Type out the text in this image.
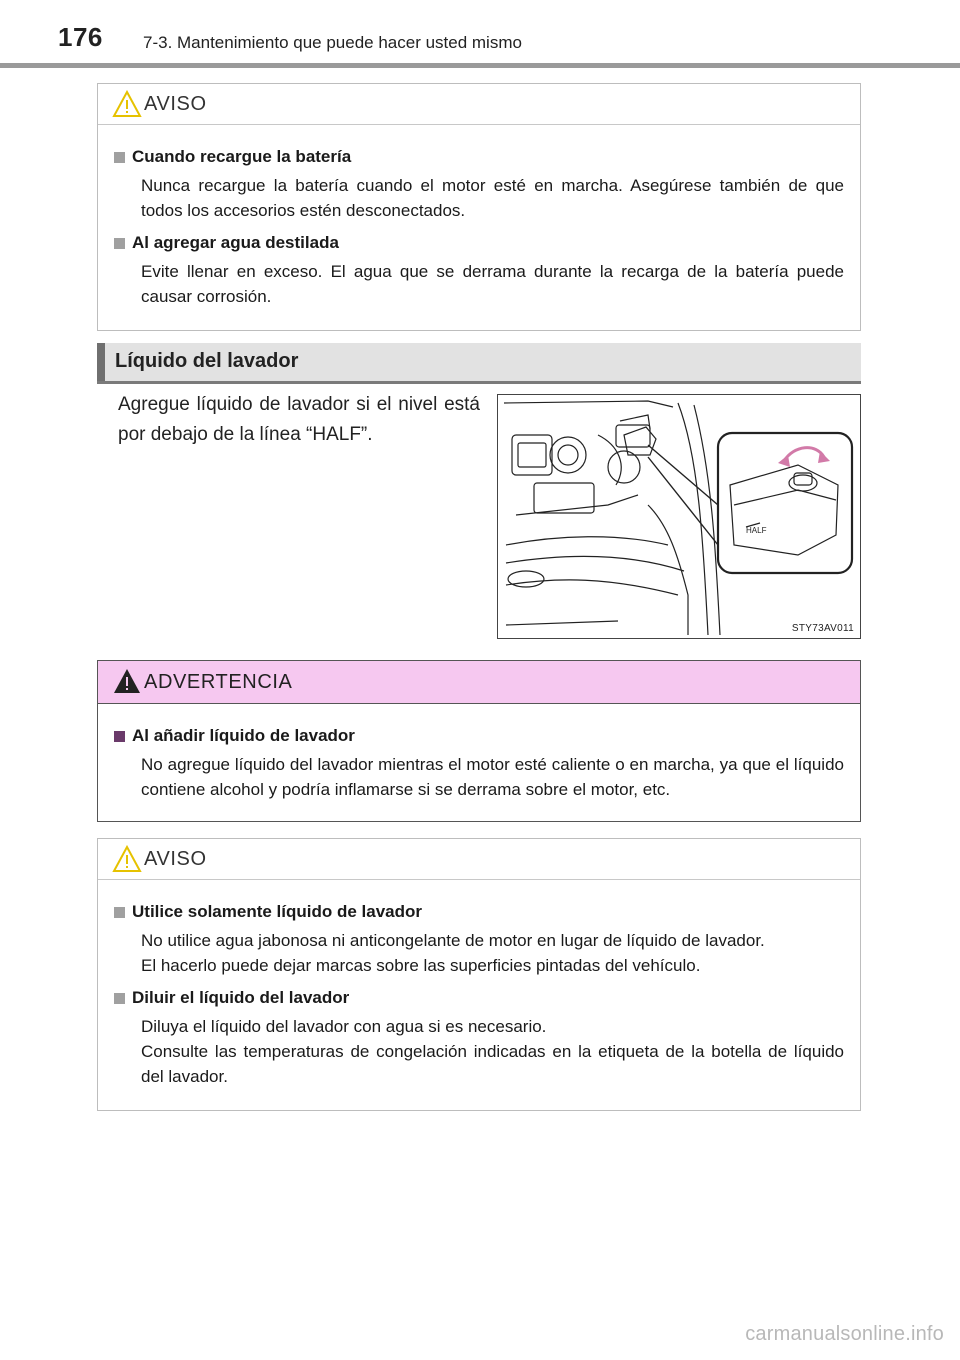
176 7-3. Mantenimiento que puede hacer usted mismo
AVISO
Cuando recargue la batería
Nunca recargue la batería cuando el motor esté en marcha. Asegúrese también de que todos los accesorios estén desconectados.
Al agregar agua destilada
Evite llenar en exceso. El agua que se derrama durante la recarga de la batería puede causar corrosión.
Líquido del lavador
Agregue líquido de lavador si el nivel está por debajo de la línea “HALF”.
HALF
STY73AV011
ADVERTENCIA
Al añadir líquido de lavador
No agregue líquido del lavador mientras el motor esté caliente o en marcha, ya que el líquido contiene alcohol y podría inflamarse si se derrama sobre el motor, etc.
AVISO
Utilice solamente líquido de lavador
No utilice agua jabonosa ni anticongelante de motor en lugar de líquido de lavador.
El hacerlo puede dejar marcas sobre las superficies pintadas del vehículo.
Diluir el líquido del lavador
Diluya el líquido del lavador con agua si es necesario.
Consulte las temperaturas de congelación indicadas en la etiqueta de la botella de líquido del lavador.
carmanualsonline.info
